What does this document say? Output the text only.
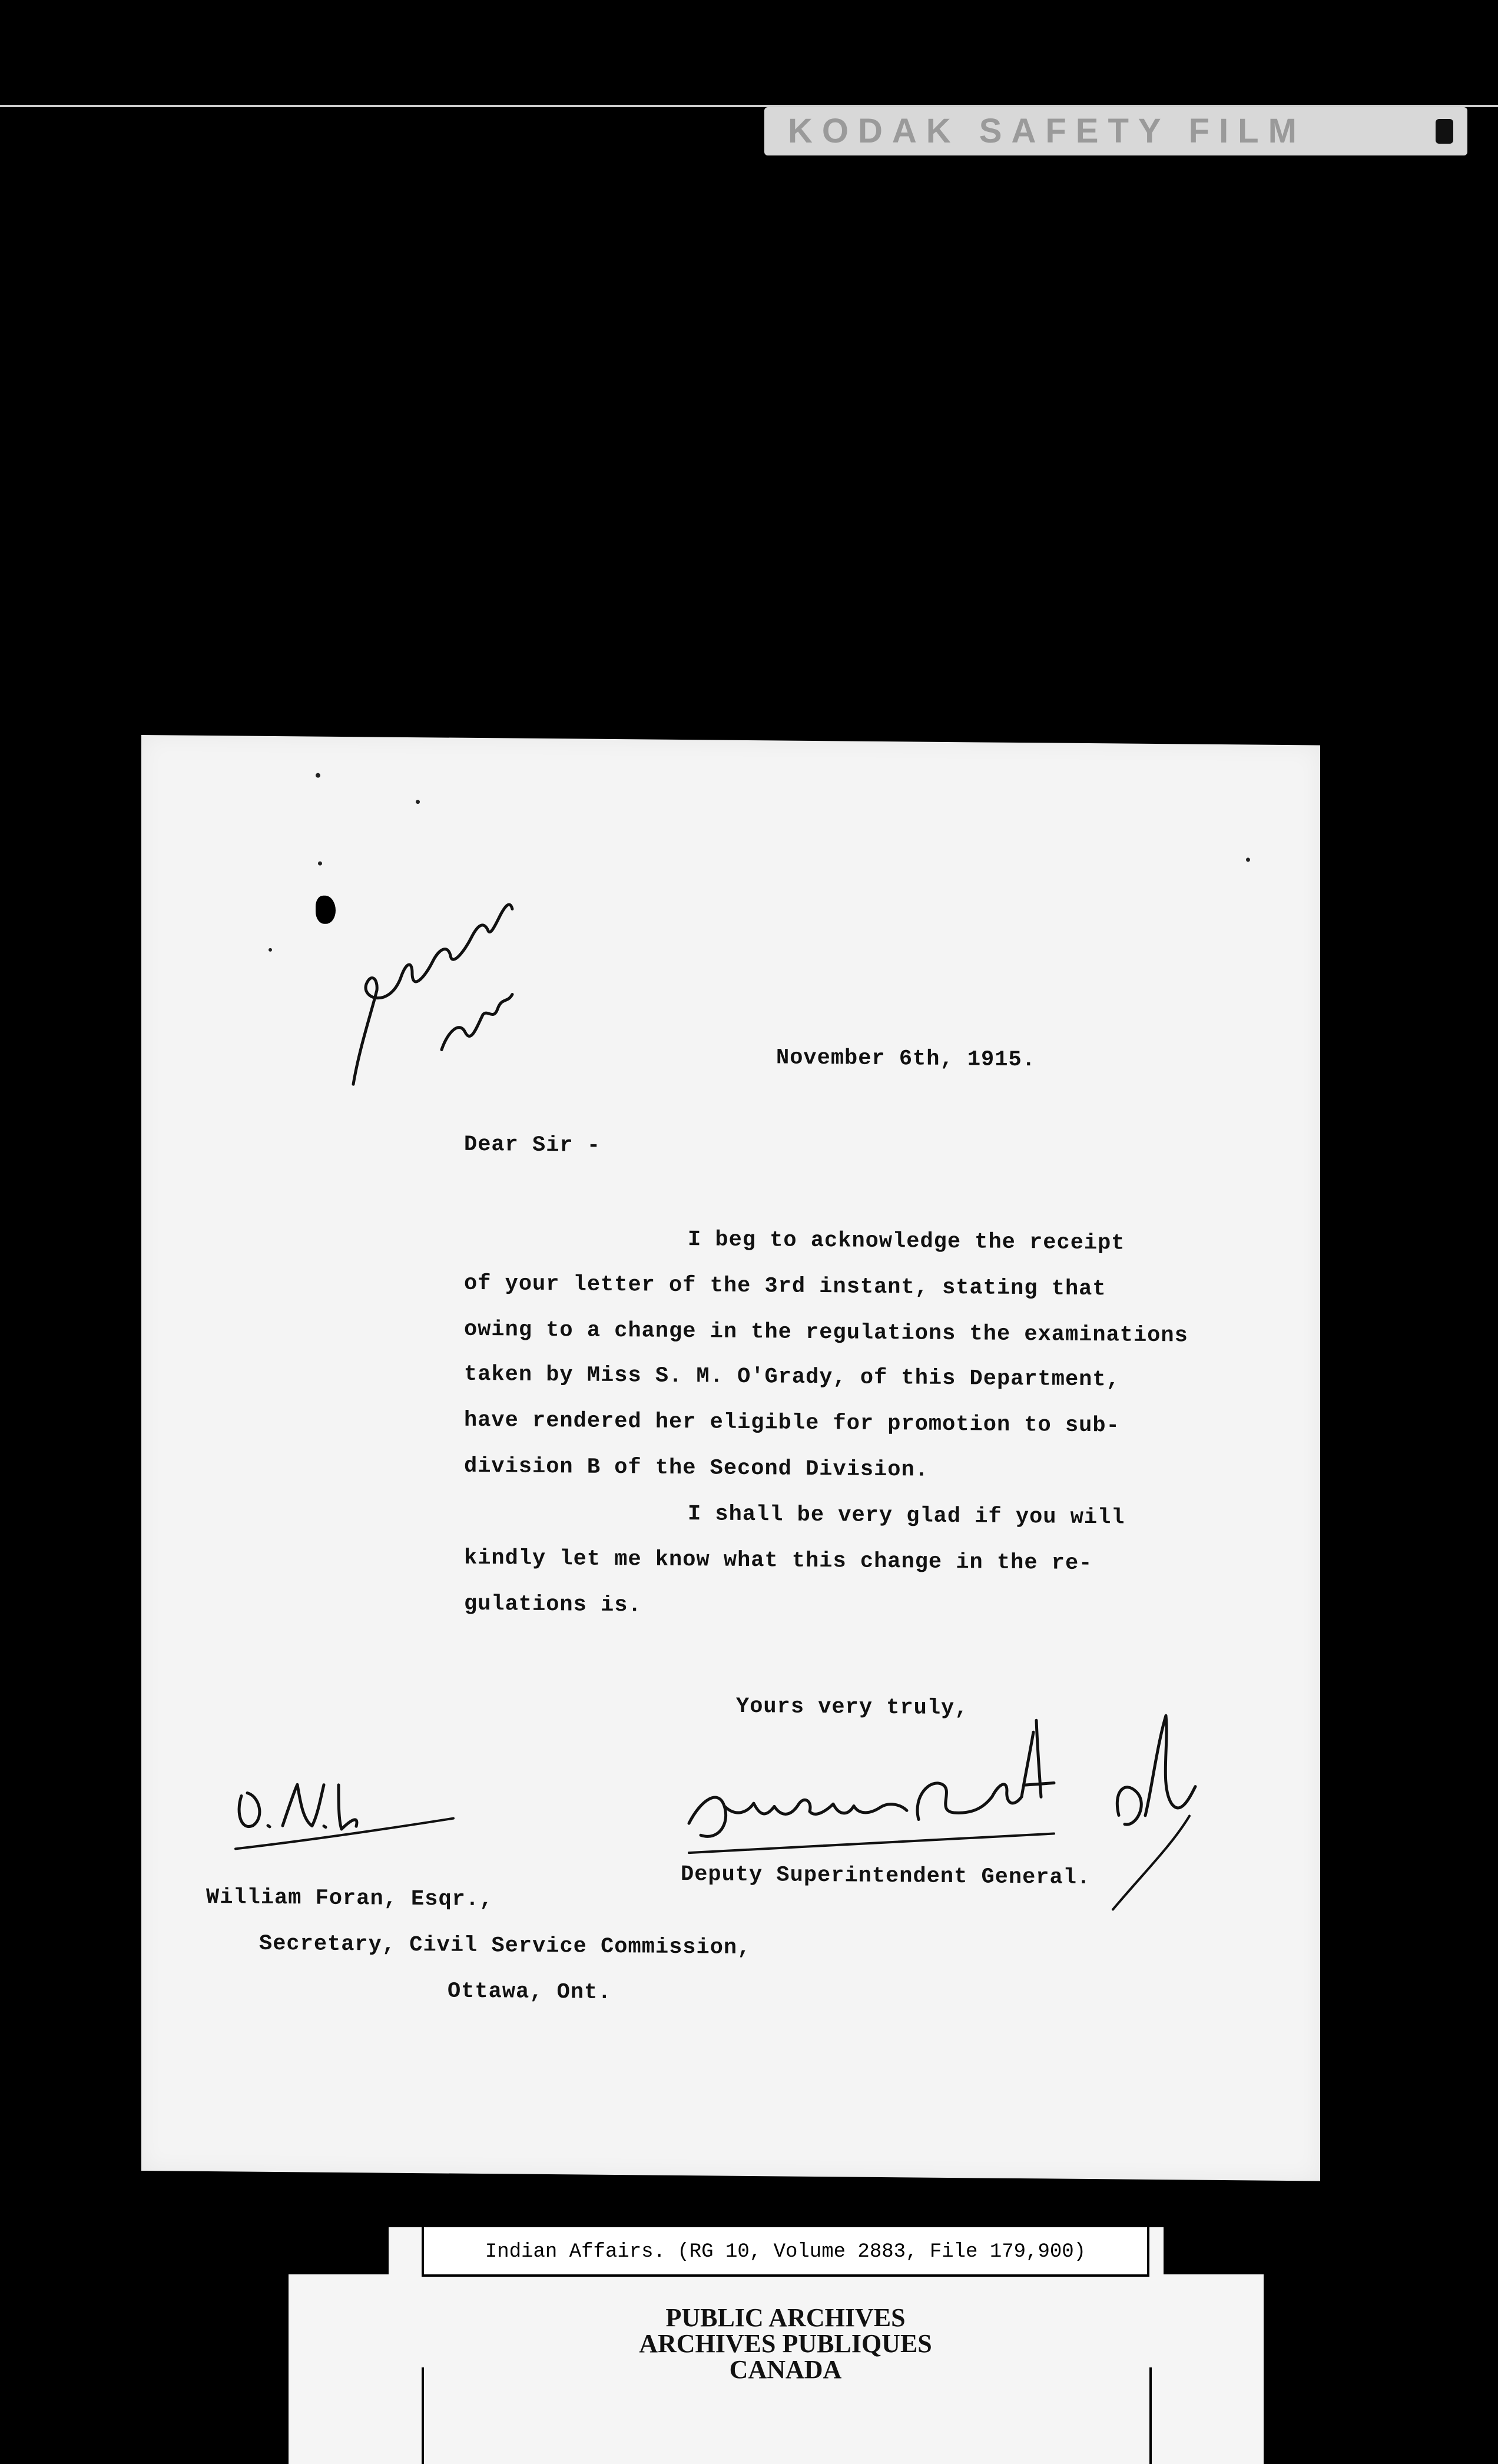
KODAK SAFETY FILM
November 6th, 1915.
Dear Sir -
I beg to acknowledge the receipt
of your letter of the 3rd instant, stating that
owing to a change in the regulations the examinations
taken by Miss S. M. O'Grady, of this Department,
have rendered her eligible for promotion to sub-
division B of the Second Division.
I shall be very glad if you will
kindly let me know what this change in the re-
gulations is.
Yours very truly,
Deputy Superintendent General.
William Foran, Esqr.,
Secretary, Civil Service Commission,
Ottawa, Ont.
Indian Affairs. (RG 10, Volume 2883, File 179,900)
PUBLIC ARCHIVES
ARCHIVES PUBLIQUES
CANADA
